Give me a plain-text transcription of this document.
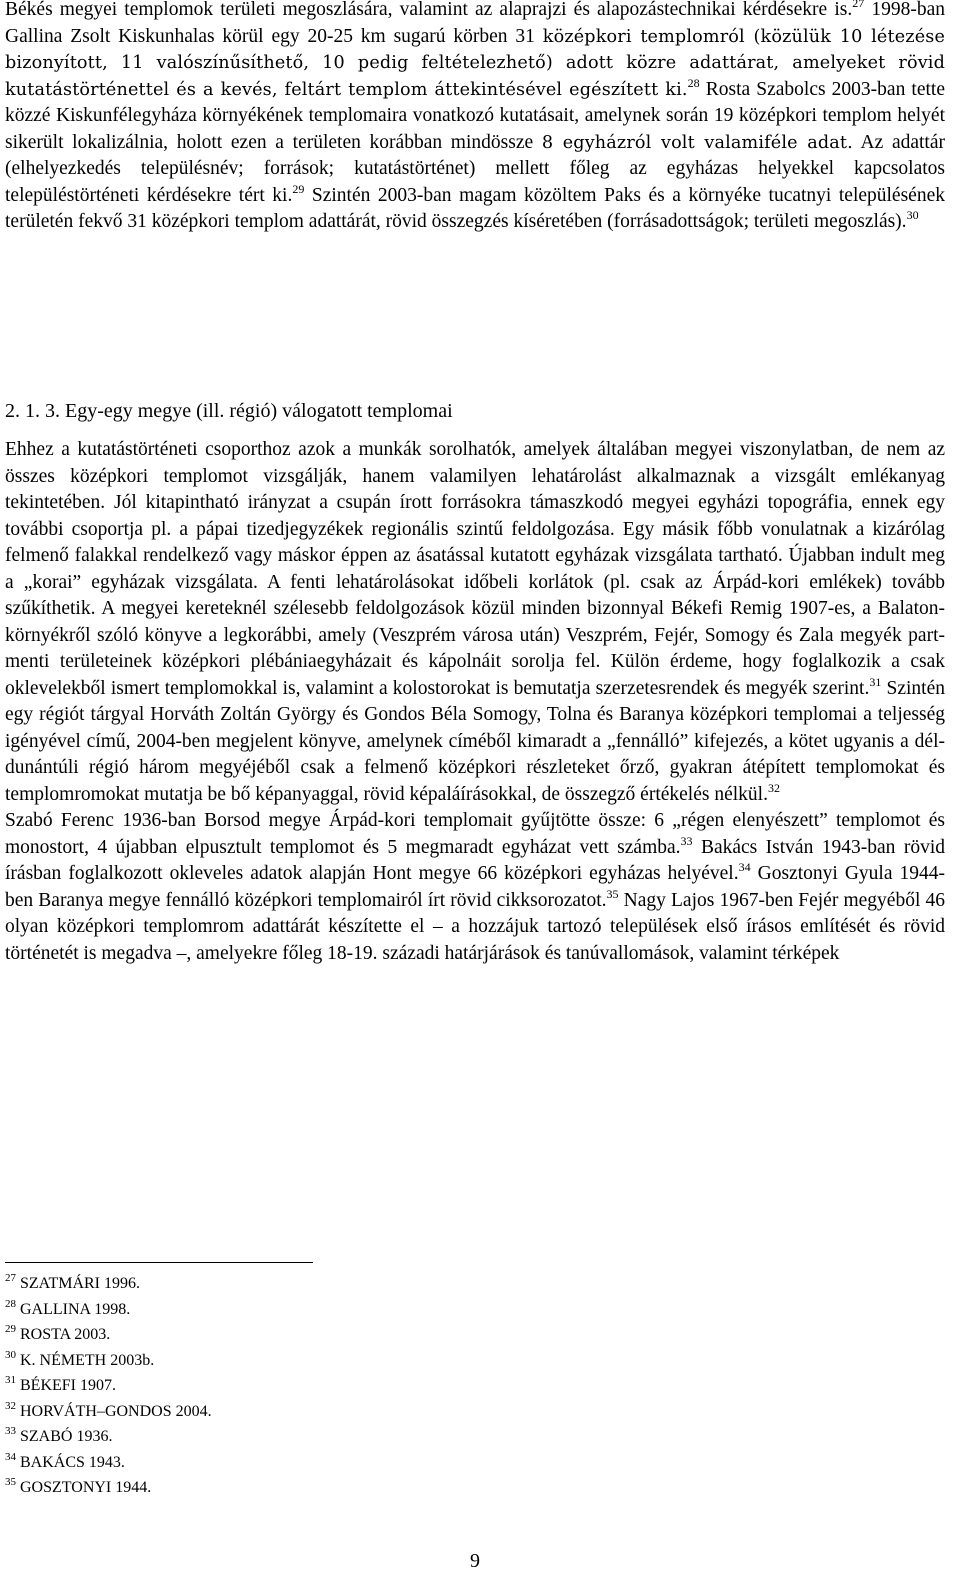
Békés megyei templomok területi megoszlására, valamint az alaprajzi és alapozástechnikai kérdésekre is.$^{27}$ 1998-ban Gallina Zsolt Kiskunhalas körül egy 20-25 km sugarú körben 31 középkori templomról (közülük 10 létezése bizonyított, 11 valószínűsíthető, 10 pedig feltételezhető) adott közre adattárat, amelyeket rövid kutatástörténettel és a kevés, feltárt templom áttekintésével egészített ki.$^{28}$ Rosta Szabolcs 2003-ban tette közzé Kiskunfélegyháza környékének templomaira vonatkozó kutatásait, amelynek során 19 középkori templom helyét sikerült lokalizálnia, holott ezen a területen korábban mindössze 8 egyházról volt valamiféle adat. Az adattár (elhelyezkedés településnév; források; kutatástörténet) mellett főleg az egyházas helyekkel kapcsolatos településtörténeti kérdésekre tért ki.$^{29}$ Szintén 2003-ban magam közöltem Paks és a környéke tucatnyi településének területén fekvő 31 középkori templom adattárát, rövid összegzés kíséretében (forrásadottságok; területi megoszlás).$^{30}$

2. 1. 3. Egy-egy megye (ill. régió) válogatott templomai

Ehhez a kutatástörténeti csoporthoz azok a munkák sorolhatók, amelyek általában megyei viszonylatban, de nem az összes középkori templomot vizsgálják, hanem valamilyen lehatárolást alkalmaznak a vizsgált emlékanyag tekintetében. Jól kitapintható irányzat a csupán írott forrásokra támaszkodó megyei egyházi topográfia, ennek egy további csoportja pl. a pápai tizedjegyzékek regionális szintű feldolgozása. Egy másik főbb vonulatnak a kizárólag felmenő falakkal rendelkező vagy máskor éppen az ásatással kutatott egyházak vizsgálata tartható. Újabban indult meg a „korai” egyházak vizsgálata. A fenti lehatárolásokat időbeli korlátok (pl. csak az Árpád-kori emlékek) tovább szűkíthetik. A megyei kereteknél szélesebb feldolgozások közül minden bizonnyal Békefi Remig 1907-es, a Balaton-környékről szóló könyve a legkorábbi, amely (Veszprém városa után) Veszprém, Fejér, Somogy és Zala megyék part-menti területeinek középkori plébániaegyházait és kápolnáit sorolja fel. Külön érdeme, hogy foglalkozik a csak oklevelekből ismert templomokkal is, valamint a kolostorokat is bemutatja szerzetesrendek és megyék szerint.$^{31}$ Szintén egy régiót tárgyal Horváth Zoltán György és Gondos Béla Somogy, Tolna és Baranya középkori templomai a teljesség igényével című, 2004-ben megjelent könyve, amelynek címéből kimaradt a „fennálló” kifejezés, a kötet ugyanis a dél-dunántúli régió három megyéjéből csak a felmenő középkori részleteket őrző, gyakran átépített templomokat és templomromokat mutatja be bő képanyaggal, rövid képaláírásokkal, de összegző értékelés nélkül.$^{32}$
Szabó Ferenc 1936-ban Borsod megye Árpád-kori templomait gyűjtötte össze: 6 „régen elenyészett” templomot és monostort, 4 újabban elpusztult templomot és 5 megmaradt egyházat vett számba.$^{33}$ Bakács István 1943-ban rövid írásban foglalkozott okleveles adatok alapján Hont megye 66 középkori egyházas helyével.$^{34}$ Gosztonyi Gyula 1944-ben Baranya megye fennálló középkori templomairól írt rövid cikksorozatot.$^{35}$ Nagy Lajos 1967-ben Fejér megyéből 46 olyan középkori templomrom adattárát készítette el – a hozzájuk tartozó települések első írásos említését és rövid történetét is megadva –, amelyekre főleg 18-19. századi határjárások és tanúvallomások, valamint térképek

$^{27}$ SZATMÁRI 1996.
$^{28}$ GALLINA 1998.
$^{29}$ ROSTA 2003.
$^{30}$ K. NÉMETH 2003b.
$^{31}$ BÉKEFI 1907.
$^{32}$ HORVÁTH–GONDOS 2004.
$^{33}$ SZABÓ 1936.
$^{34}$ BAKÁCS 1943.
$^{35}$ GOSZTONYI 1944.
9
